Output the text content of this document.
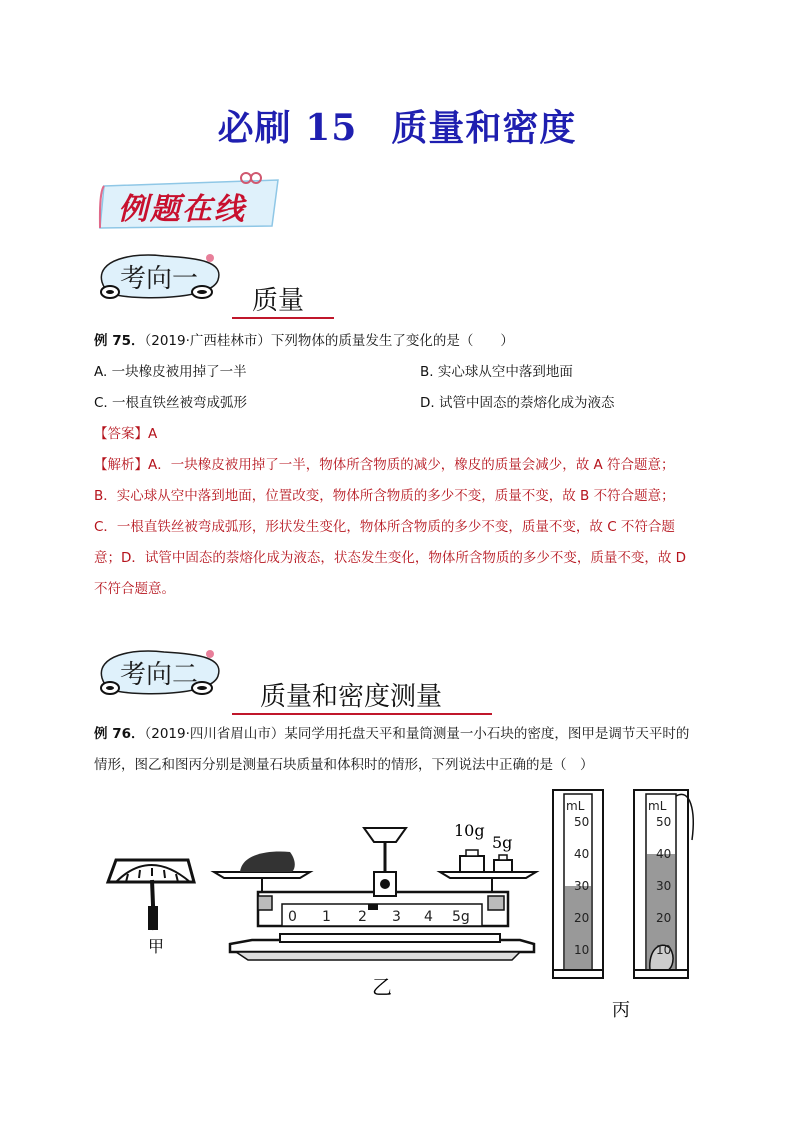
必刷 15 质量和密度
例题在线
考向一
质量
例 75．（2019·广西桂林市）下列物体的质量发生了变化的是（　　）
A. 一块橡皮被用掉了一半	B. 实心球从空中落到地面
C. 一根直铁丝被弯成弧形	D. 试管中固态的萘熔化成为液态
【答案】A
【解析】A．一块橡皮被用掉了一半，物体所含物质的减少，橡皮的质量会减少，故 A 符合题意；
B．实心球从空中落到地面，位置改变，物体所含物质的多少不变，质量不变，故 B 不符合题意；
C．一根直铁丝被弯成弧形，形状发生变化，物体所含物质的多少不变，质量不变，故 C 不符合题
意；D．试管中固态的萘熔化成为液态，状态发生变化，物体所含物质的多少不变，质量不变，故 D
不符合题意。
考向二
质量和密度测量
例 76．（2019·四川省眉山市）某同学用托盘天平和量筒测量一小石块的密度，图甲是调节天平时的
情形，图乙和图丙分别是测量石块质量和体积时的情形，下列说法中正确的是（　）
甲
0 1 2 3 4 5g
10g
5g
乙
mL
50
40
30
20
10
mL
50
40
30
20
10
丙
